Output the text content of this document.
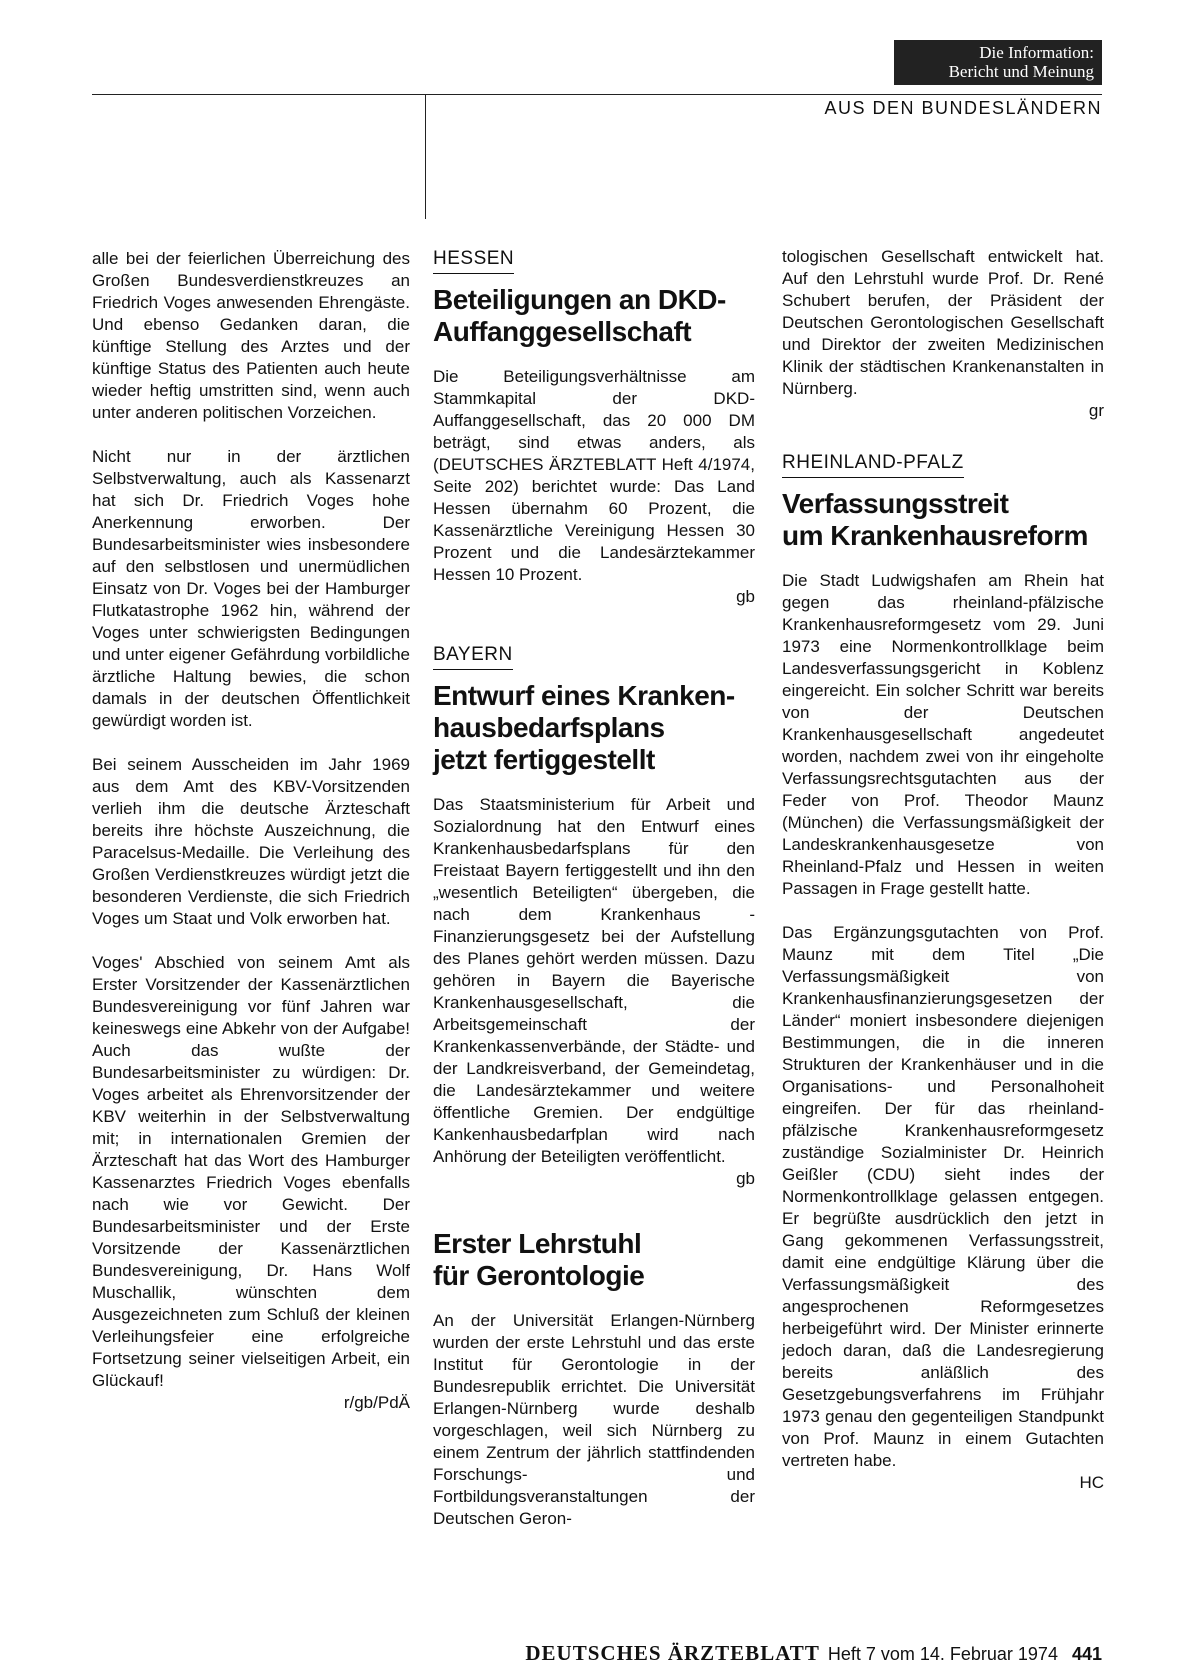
Die Information:
Bericht und Meinung
AUS DEN BUNDESLÄNDERN

alle bei der feierlichen Überreichung des Großen Bundesverdienstkreuzes an Friedrich Voges anwesenden Ehrengäste. Und ebenso Gedanken daran, die künftige Stellung des Arztes und der künftige Status des Patienten auch heute wieder heftig umstritten sind, wenn auch unter anderen politischen Vorzeichen.

Nicht nur in der ärztlichen Selbstverwaltung, auch als Kassenarzt hat sich Dr. Friedrich Voges hohe Anerkennung erworben. Der Bundesarbeitsminister wies insbesondere auf den selbstlosen und unermüdlichen Einsatz von Dr. Voges bei der Hamburger Flutkatastrophe 1962 hin, während der Voges unter schwierigsten Bedingungen und unter eigener Gefährdung vorbildliche ärztliche Haltung bewies, die schon damals in der deutschen Öffentlichkeit gewürdigt worden ist.

Bei seinem Ausscheiden im Jahr 1969 aus dem Amt des KBV-Vorsitzenden verlieh ihm die deutsche Ärzteschaft bereits ihre höchste Auszeichnung, die Paracelsus-Medaille. Die Verleihung des Großen Verdienstkreuzes würdigt jetzt die besonderen Verdienste, die sich Friedrich Voges um Staat und Volk erworben hat.

Voges' Abschied von seinem Amt als Erster Vorsitzender der Kassenärztlichen Bundesvereinigung vor fünf Jahren war keineswegs eine Abkehr von der Aufgabe! Auch das wußte der Bundesarbeitsminister zu würdigen: Dr. Voges arbeitet als Ehrenvorsitzender der KBV weiterhin in der Selbstverwaltung mit; in internationalen Gremien der Ärzteschaft hat das Wort des Hamburger Kassenarztes Friedrich Voges ebenfalls nach wie vor Gewicht. Der Bundesarbeitsminister und der Erste Vorsitzende der Kassenärztlichen Bundesvereinigung, Dr. Hans Wolf Muschallik, wünschten dem Ausgezeichneten zum Schluß der kleinen Verleihungsfeier eine erfolgreiche Fortsetzung seiner vielseitigen Arbeit, ein Glückauf!

r/gb/PdÄ
HESSEN
Beteiligungen an DKD-
Auffanggesellschaft

Die Beteiligungsverhältnisse am Stammkapital der DKD-Auffanggesellschaft, das 20 000 DM beträgt, sind etwas anders, als (DEUTSCHES ÄRZTEBLATT Heft 4/1974, Seite 202) berichtet wurde: Das Land Hessen übernahm 60 Prozent, die Kassenärztliche Vereinigung Hessen 30 Prozent und die Landesärztekammer Hessen 10 Prozent.

gb
BAYERN
Entwurf eines Kranken-
hausbedarfsplans
jetzt fertiggestellt

Das Staatsministerium für Arbeit und Sozialordnung hat den Entwurf eines Krankenhausbedarfsplans für den Freistaat Bayern fertiggestellt und ihn den „wesentlich Beteiligten“ übergeben, die nach dem Krankenhaus - Finanzierungsgesetz bei der Aufstellung des Planes gehört werden müssen. Dazu gehören in Bayern die Bayerische Krankenhausgesellschaft, die Arbeitsgemeinschaft der Krankenkassenverbände, der Städte- und der Landkreisverband, der Gemeindetag, die Landesärztekammer und weitere öffentliche Gremien. Der endgültige Kankenhausbedarfplan wird nach Anhörung der Beteiligten veröffentlicht.

gb
Erster Lehrstuhl
für Gerontologie

An der Universität Erlangen-Nürnberg wurden der erste Lehrstuhl und das erste Institut für Gerontologie in der Bundesrepublik errichtet. Die Universität Erlangen-Nürnberg wurde deshalb vorgeschlagen, weil sich Nürnberg zu einem Zentrum der jährlich stattfindenden Forschungs- und Fortbildungsveranstaltungen der Deutschen Geron-

tologischen Gesellschaft entwickelt hat. Auf den Lehrstuhl wurde Prof. Dr. René Schubert berufen, der Präsident der Deutschen Gerontologischen Gesellschaft und Direktor der zweiten Medizinischen Klinik der städtischen Krankenanstalten in Nürnberg.

gr
RHEINLAND-PFALZ
Verfassungsstreit
um Krankenhausreform

Die Stadt Ludwigshafen am Rhein hat gegen das rheinland-pfälzische Krankenhausreformgesetz vom 29. Juni 1973 eine Normenkontrollklage beim Landesverfassungsgericht in Koblenz eingereicht. Ein solcher Schritt war bereits von der Deutschen Krankenhausgesellschaft angedeutet worden, nachdem zwei von ihr eingeholte Verfassungsrechtsgutachten aus der Feder von Prof. Theodor Maunz (München) die Verfassungsmäßigkeit der Landeskrankenhausgesetze von Rheinland-Pfalz und Hessen in weiten Passagen in Frage gestellt hatte.

Das Ergänzungsgutachten von Prof. Maunz mit dem Titel „Die Verfassungsmäßigkeit von Krankenhausfinanzierungsgesetzen der Länder“ moniert insbesondere diejenigen Bestimmungen, die in die inneren Strukturen der Krankenhäuser und in die Organisations- und Personalhoheit eingreifen. Der für das rheinland-pfälzische Krankenhausreformgesetz zuständige Sozialminister Dr. Heinrich Geißler (CDU) sieht indes der Normenkontrollklage gelassen entgegen. Er begrüßte ausdrücklich den jetzt in Gang gekommenen Verfassungsstreit, damit eine endgültige Klärung über die Verfassungsmäßigkeit des angesprochenen Reformgesetzes herbeigeführt wird. Der Minister erinnerte jedoch daran, daß die Landesregierung bereits anläßlich des Gesetzgebungsverfahrens im Frühjahr 1973 genau den gegenteiligen Standpunkt von Prof. Maunz in einem Gutachten vertreten habe.

HC
DEUTSCHES ÄRZTEBLATT Heft 7 vom 14. Februar 1974 441
